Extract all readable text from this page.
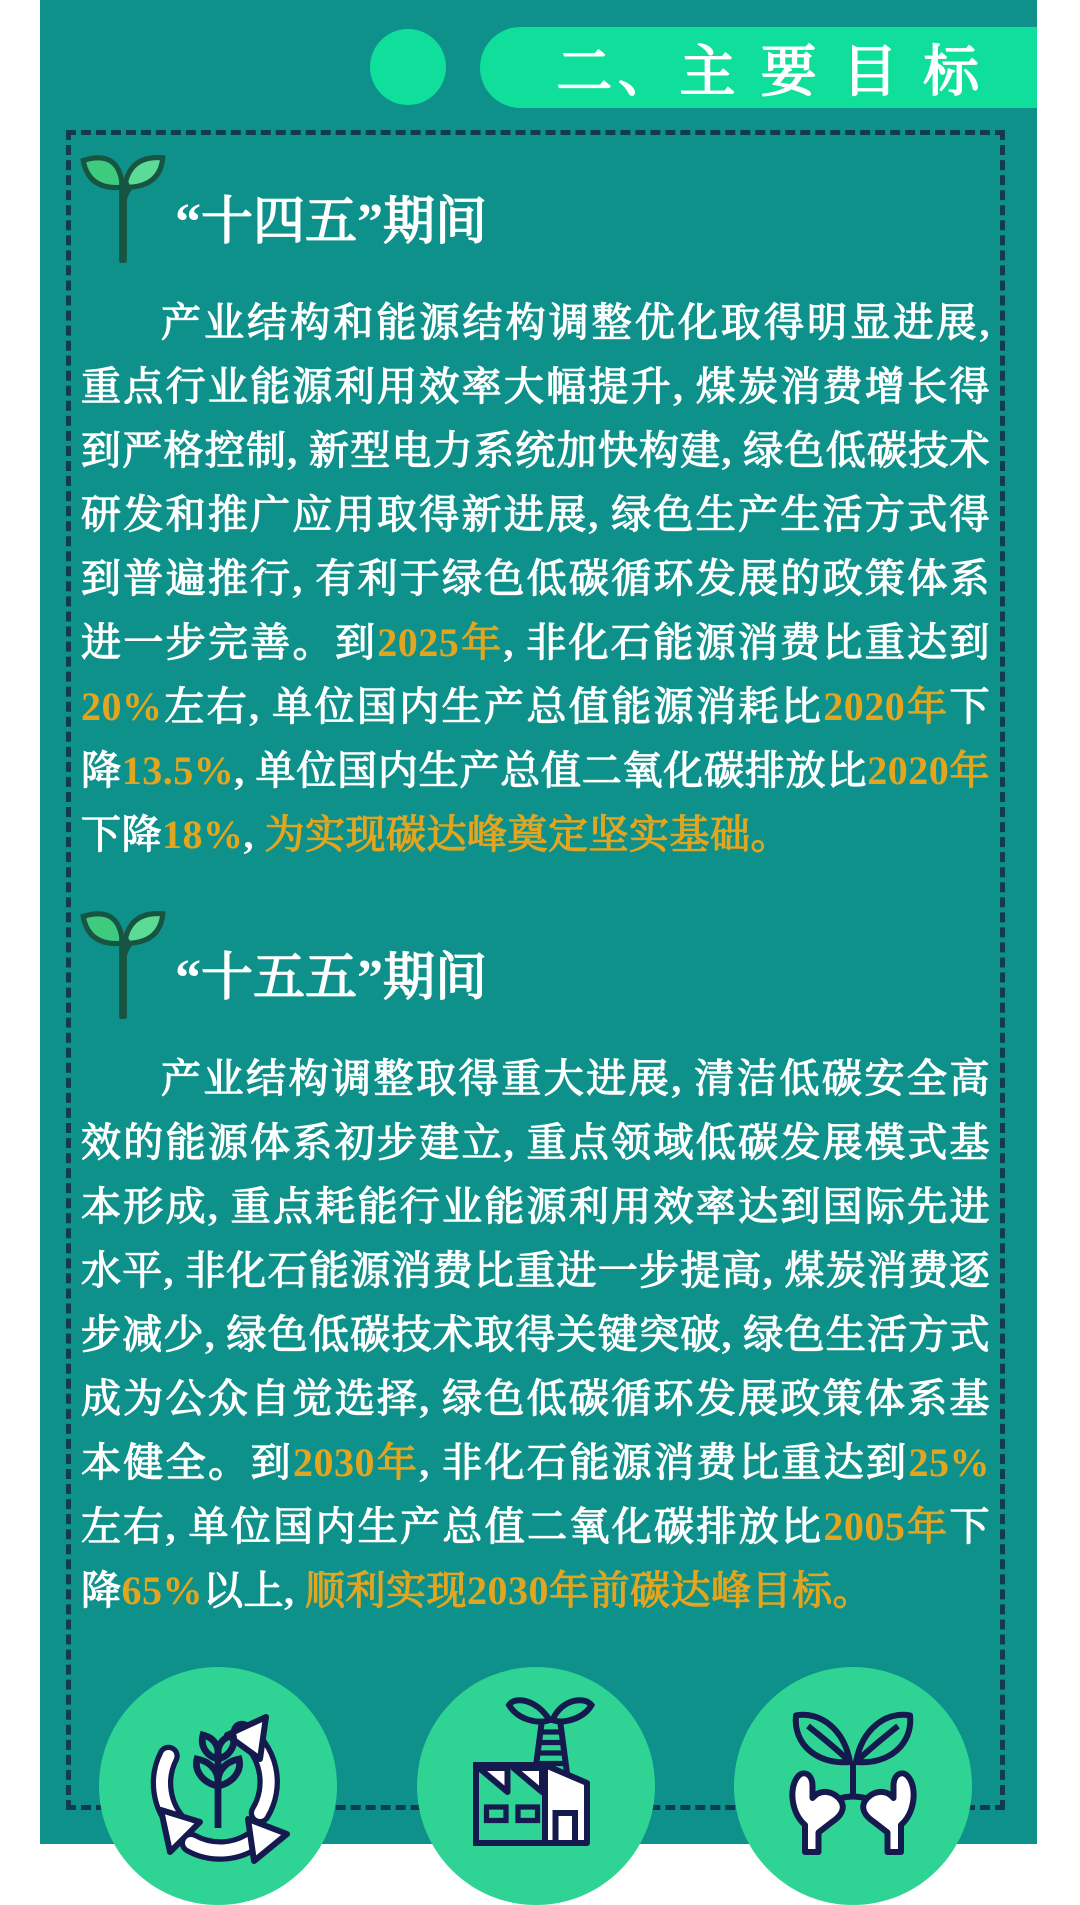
二、主 要 目 标
“十四五”期间

产业结构和能源结构调整优化取得明显进展, 重点行业能源利用效率大幅提升, 煤炭消费增长得到严格控制, 新型电力系统加快构建, 绿色低碳技术研发和推广应用取得新进展, 绿色生产生活方式得到普遍推行, 有利于绿色低碳循环发展的政策体系进一步完善。到2025年, 非化石能源消费比重达到20%左右, 单位国内生产总值能源消耗比2020年下降13.5%, 单位国内生产总值二氧化碳排放比2020年下降18%, 为实现碳达峰奠定坚实基础。

“十五五”期间

产业结构调整取得重大进展, 清洁低碳安全高效的能源体系初步建立, 重点领域低碳发展模式基本形成, 重点耗能行业能源利用效率达到国际先进水平, 非化石能源消费比重进一步提高, 煤炭消费逐步减少, 绿色低碳技术取得关键突破, 绿色生活方式成为公众自觉选择, 绿色低碳循环发展政策体系基本健全。到2030年, 非化石能源消费比重达到25%左右, 单位国内生产总值二氧化碳排放比2005年下降65%以上, 顺利实现2030年前碳达峰目标。
